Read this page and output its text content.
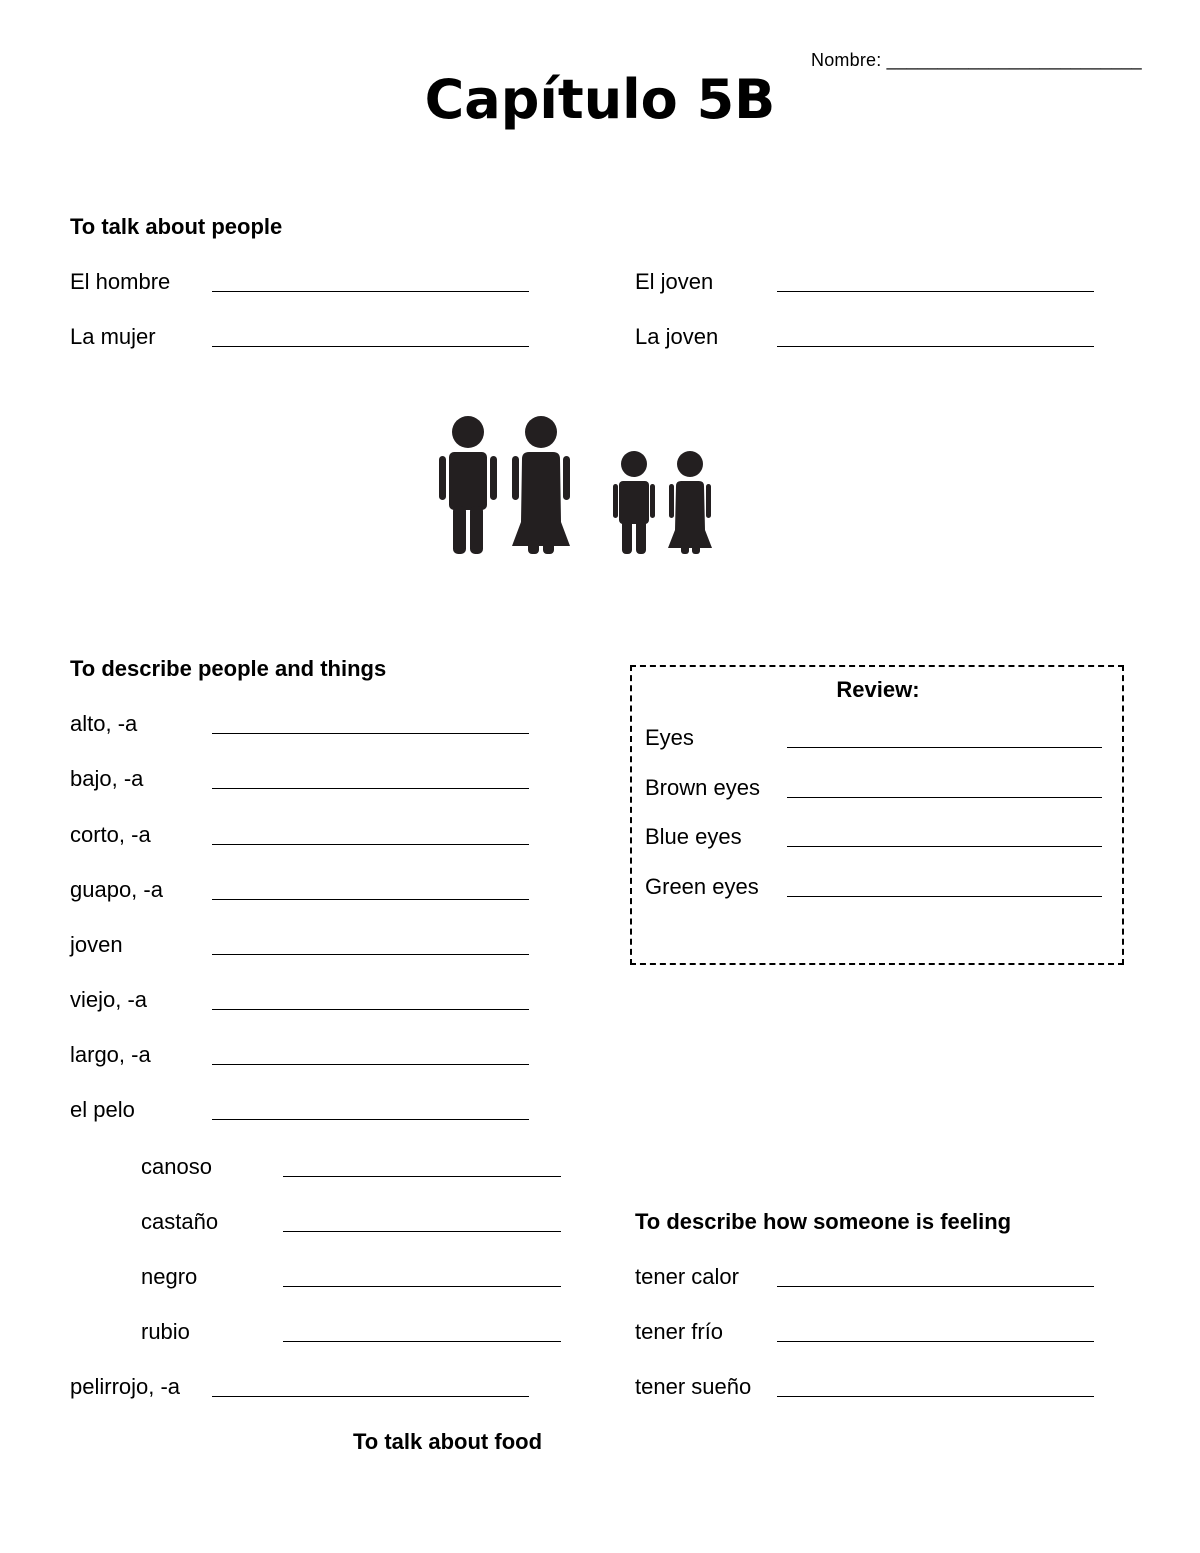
Nombre: _________________________
Capítulo 5B
To talk about people
El hombre
La mujer
El joven
La joven
To describe people and things
alto, -a
bajo, -a
corto, -a
guapo, -a
joven
viejo, -a
largo, -a
el pelo
canoso
castaño
negro
rubio
pelirrojo, -a
Review:
Eyes
Brown eyes
Blue eyes
Green eyes
To describe how someone is feeling
tener calor
tener frío
tener sueño
To talk about food
